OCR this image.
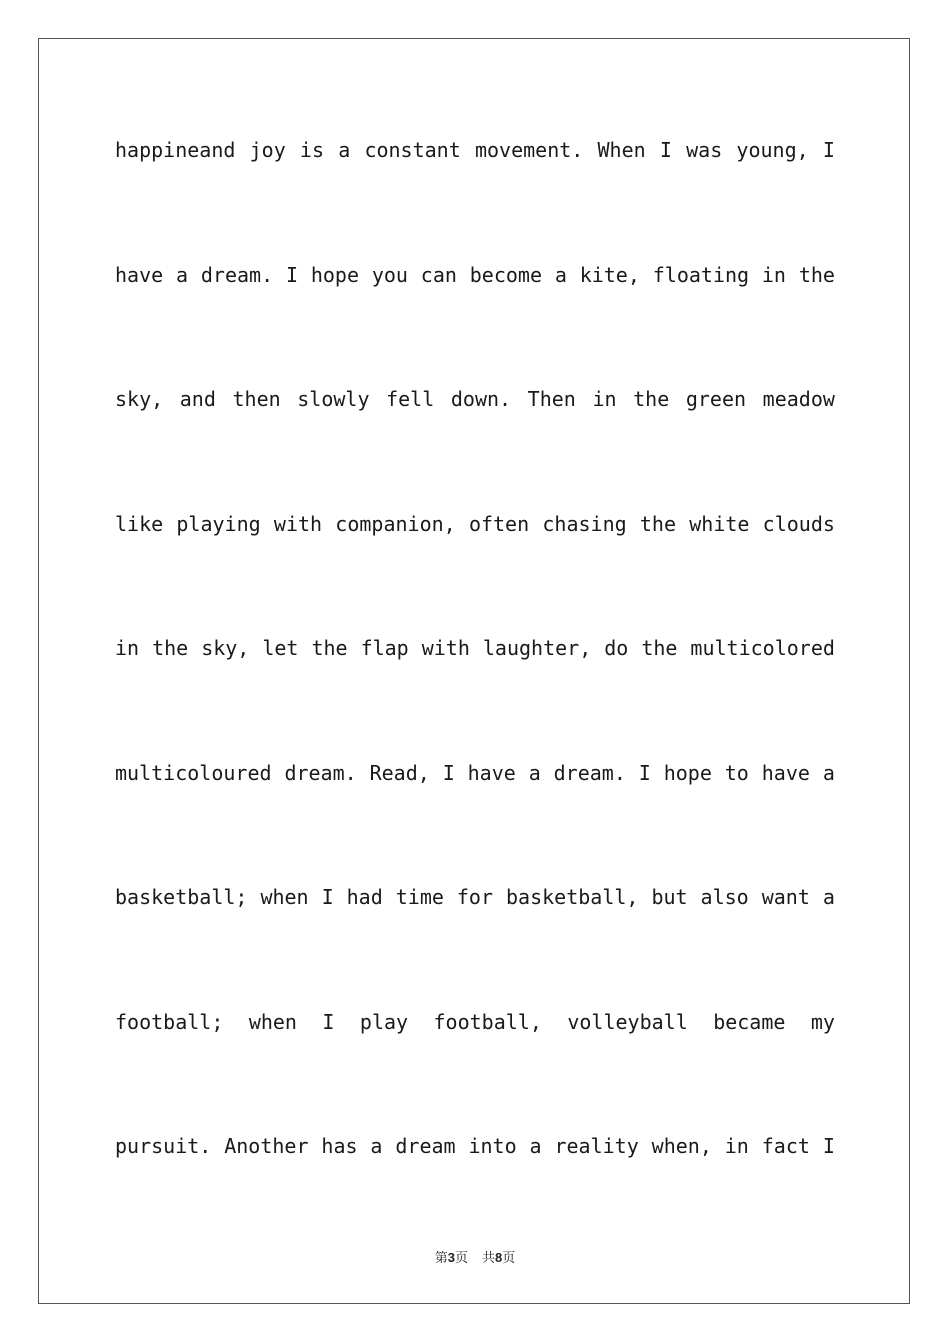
happineand joy is a constant movement. When I was young, I
have a dream. I hope you can become a kite, floating in the
sky, and then slowly fell down. Then in the green meadow
like playing with companion, often chasing the white clouds
in the sky, let the flap with laughter, do the multicolored
multicoloured dream. Read, I have a dream. I hope to have a
basketball; when I had time for basketball, but also want a
football; when I play football, volleyball became my
pursuit. Another has a dream into a reality when, in fact I
第3页 共8页
